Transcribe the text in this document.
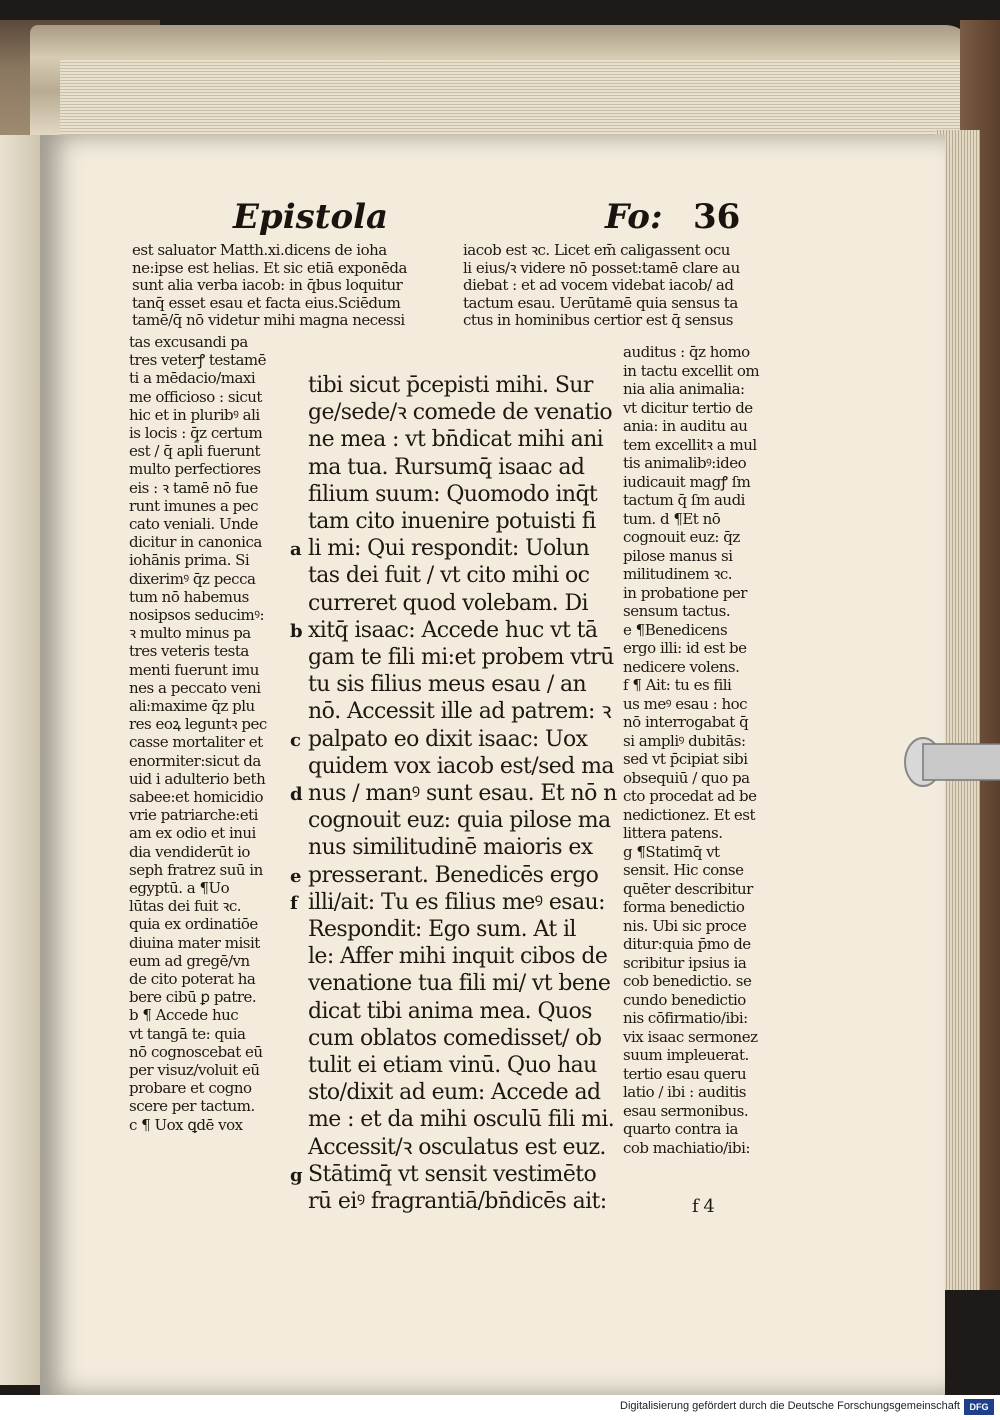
Epistola	Fo: 36
est saluator Matth.xi.dicens de ioha
ne:ipse est helias. Et sic etiā exponēda
sunt alia verba iacob: in q̄bus loquitur
tanq̄ esset esau et facta eius.Sciēdum
tamē/q̄ nō videtur mihi magna necessi
iacob est ꝛc. Licet em̄ caligassent ocu
li eius/ꝛ videre nō posset:tamē clare au
diebat : et ad vocem videbat iacob/ ad
tactum esau. Uerūtamē quia sensus ta
ctus in hominibus certior est q̄ sensus
tas excusandi pa
tres veterꝭ testamē
ti a mēdacio/maxi
me officioso : sicut
hic et in pluribꝰ ali
is locis : q̄z certum
est / q̄ apl̄i fuerunt
multo perfectiores
eis : ꝛ tamē nō fue
runt imunes a pec
cato veniali. Unde
dicitur in canonica
iohānis prima. Si
dixerimꝰ q̄z pecca
tum nō habemus
nosipsos seducimꝰ:
ꝛ multo minus pa
tres veteris testa
menti fuerunt imu
nes a peccato veni
ali:maxime q̄z plu
res eoꝝ leguntꝛ pec
casse mortaliter et
enormiter:sicut da
uid i adulterio beth
sabee:et homicidio
vrie patriarche:eti
am ex odio et inui
dia vendiderūt io
seph fratrez suū in
egyptū. a ¶Uo
lūtas dei fuit ꝛc.
quia ex ordinatiōe
diuina mater misit
eum ad gregē/vn
de cito poterat ha
bere cibū ꝑ patre.
b ¶ Accede huc
vt tangā te: quia
nō cognoscebat eū
per visuz/voluit eū
probare et cogno
scere per tactum.
c ¶ Uox ꝗdē vox
tibi sicut p̄cepisti mihi. Sur
ge/sede/ꝛ comede de venatio
ne mea : vt bn̄dicat mihi ani
ma tua. Rursumq̄ isaac ad
filium suum: Quomodo inq̄t
tam cito inuenire potuisti fi
li mi: Qui respondit: Uolun
tas dei fuit / vt cito mihi oc
curreret quod volebam. Di
xitq̄ isaac: Accede huc vt tā
gam te fili mi:et probem vtrū
tu sis filius meus esau / an
nō. Accessit ille ad patrem: ꝛ
palpato eo dixit isaac: Uox
quidem vox iacob est/sed ma
nus / manꝰ sunt esau. Et nō n
cognouit euz: quia pilose ma
nus similitudinē maioris ex
presserant. Benedicēs ergo
illi/ait: Tu es filius meꝰ esau:
Respondit: Ego sum. At il
le: Affer mihi inquit cibos de
venatione tua fili mi/ vt bene
dicat tibi anima mea. Quos
cum oblatos comedisset/ ob
tulit ei etiam vinū. Quo hau
sto/dixit ad eum: Accede ad
me : et da mihi osculū fili mi.
Accessit/ꝛ osculatus est euz.
Stātimq̄ vt sensit vestimēto
rū eiꝰ fragrantiā/bn̄dicēs ait:
a
b
c
d
e
f
g
auditus : q̄z homo
in tactu excellit om
nia alia animalia:
vt dicitur tertio de
ania: in auditu au
tem excellitꝛ a mul
tis animalibꝰ:ideo
iudicauit magꝭ ſm
tactum q̄ ſm audi
tum. d ¶Et nō
cognouit euz: q̄z
pilose manus si
militudinem ꝛc.
in probatione per
sensum tactus.
e ¶Benedicens
ergo illi: id est be
nedicere volens.
f ¶ Ait: tu es fili
us meꝰ esau : hoc
nō interrogabat q̄
si ampliꝰ dubitās:
sed vt p̄cipiat sibi
obsequiū / quo pa
cto procedat ad be
nedictionez. Et est
littera patens.
g ¶Statimq̄ vt
sensit. Hic conse
quēter describitur
forma benedictio
nis. Ubi sic proce
ditur:quia p̄mo de
scribitur ipsius ia
cob benedictio. se
cundo benedictio
nis cōfirmatio/ibi:
vix isaac sermonez
suum impleuerat.
tertio esau queru
latio / ibi : auditis
esau sermonibus.
quarto contra ia
cob machiatio/ibi:
f 4
Digitalisierung gefördert durch die Deutsche Forschungsgemeinschaft	DFG
